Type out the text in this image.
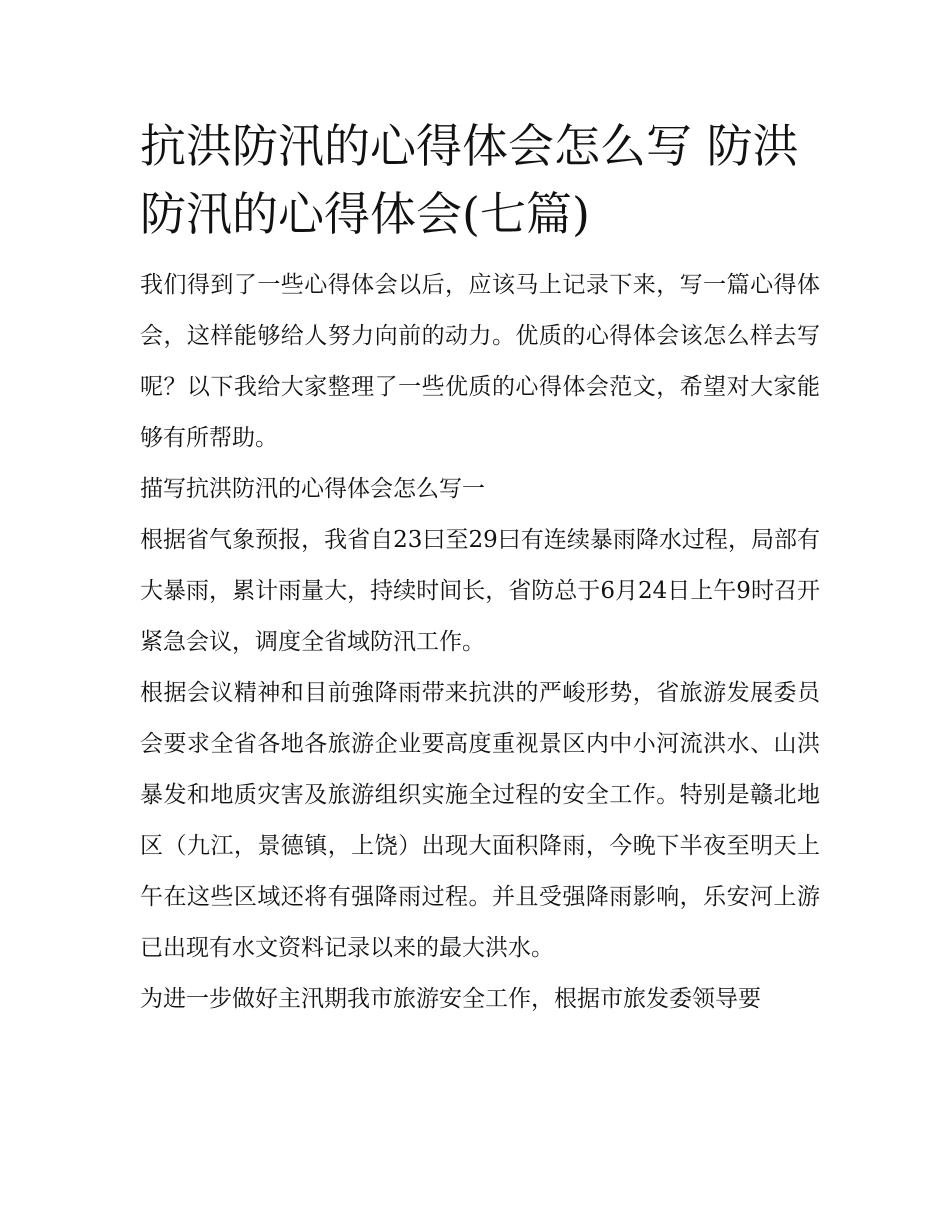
抗洪防汛的心得体会怎么写 防洪防汛的心得体会(七篇)

我们得到了一些心得体会以后，应该马上记录下来，写一篇心得体会，这样能够给人努力向前的动力。优质的心得体会该怎么样去写呢？以下我给大家整理了一些优质的心得体会范文，希望对大家能够有所帮助。

描写抗洪防汛的心得体会怎么写一

根据省气象预报，我省自23曰至29曰有连续暴雨降水过程，局部有大暴雨，累计雨量大，持续时间长，省防总于6月24日上午9时召开紧急会议，调度全省域防汛工作。

根据会议精神和目前強降雨带来抗洪的严峻形势，省旅游发展委员会要求全省各地各旅游企业要高度重视景区内中小河流洪水、山洪暴发和地质灾害及旅游组织实施全过程的安全工作。特别是赣北地区（九江，景德镇，上饶）出现大面积降雨，今晚下半夜至明天上午在这些区域还将有强降雨过程。并且受强降雨影响，乐安河上游已出现有水文资料记录以来的最大洪水。

为进一步做好主汛期我市旅游安全工作，根据市旅发委领导要
